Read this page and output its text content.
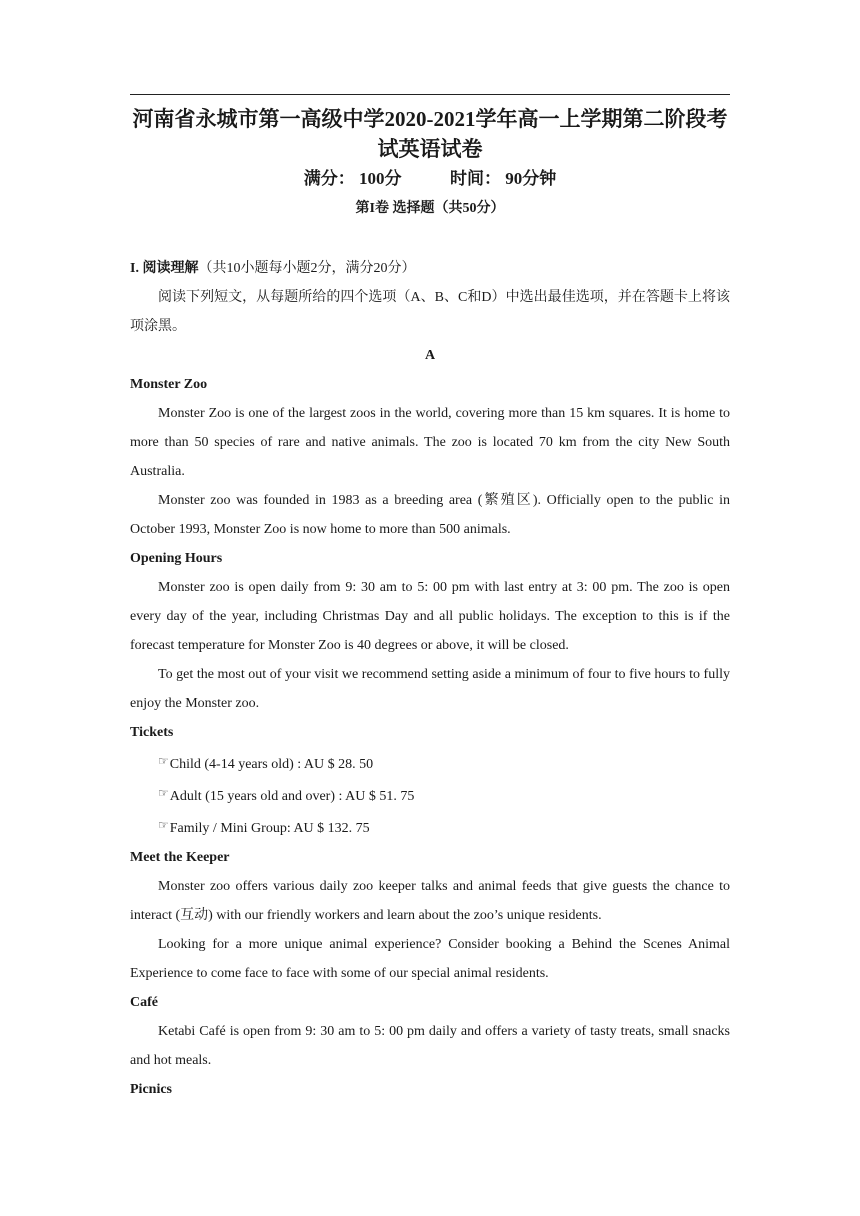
河南省永城市第一高级中学2020-2021学年高一上学期第二阶段考试英语试卷
满分： 100分	时间： 90分钟
第I卷 选择题（共50分）

I. 阅读理解（共10小题每小题2分，满分20分）

阅读下列短文，从每题所给的四个选项（A、B、C和D）中选出最佳选项，并在答题卡上将该项涂黑。

A

Monster Zoo

Monster Zoo is one of the largest zoos in the world, covering more than 15 km squares. It is home to more than 50 species of rare and native animals. The zoo is located 70 km from the city New South Australia.

Monster zoo was founded in 1983 as a breeding area (繁殖区). Officially open to the public in October 1993, Monster Zoo is now home to more than 500 animals.

Opening Hours

Monster zoo is open daily from 9: 30 am to 5: 00 pm with last entry at 3: 00 pm. The zoo is open every day of the year, including Christmas Day and all public holidays. The exception to this is if the forecast temperature for Monster Zoo is 40 degrees or above, it will be closed.

To get the most out of your visit we recommend setting aside a minimum of four to five hours to fully enjoy the Monster zoo.

Tickets

☞Child (4-14 years old) : AU $ 28. 50

☞Adult (15 years old and over) : AU $ 51. 75

☞Family / Mini Group: AU $ 132. 75

Meet the Keeper

Monster zoo offers various daily zoo keeper talks and animal feeds that give guests the chance to interact (互动) with our friendly workers and learn about the zoo’s unique residents.

Looking for a more unique animal experience? Consider booking a Behind the Scenes Animal Experience to come face to face with some of our special animal residents.

Café

Ketabi Café is open from 9: 30 am to 5: 00 pm daily and offers a variety of tasty treats, small snacks and hot meals.

Picnics
